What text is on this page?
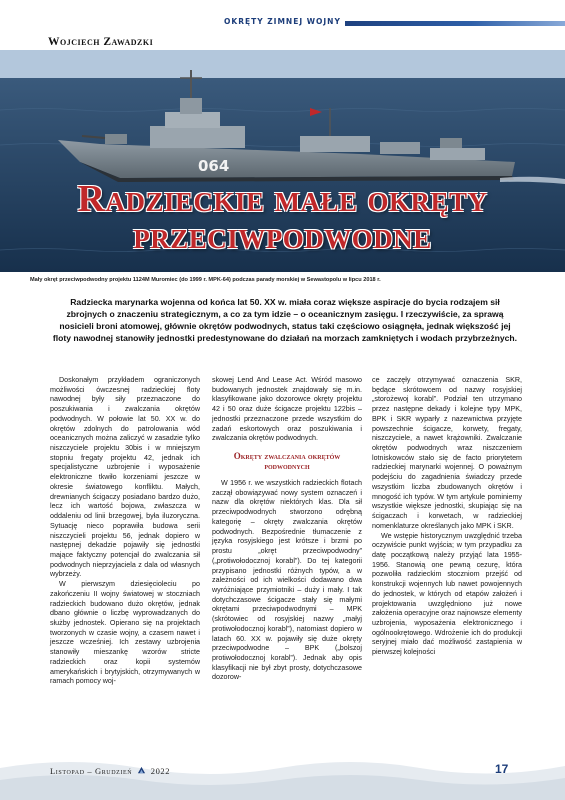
OKRĘTY ZIMNEJ WOJNY
Wojciech Zawadzki
064
Radzieckie małe okręty
przeciwpodwodne
Mały okręt przeciwpodwodny projektu 1124M Muromiec (do 1999 r. MPK-64) podczas parady morskiej w Sewastopolu w lipcu 2018 r.
Radziecka marynarka wojenna od końca lat 50. XX w. miała coraz większe aspiracje do bycia rodzajem sił zbrojnych o znaczeniu strategicznym, a co za tym idzie – o oceanicznym zasięgu. I rzeczywiście, za sprawą nosicieli broni atomowej, głównie okrętów podwodnych, status taki częściowo osiągnęła, jednak większość jej floty nawodnej stanowiły jednostki predestynowane do działań na morzach zamkniętych i wodach przybrzeżnych.

Doskonałym przykładem ograniczonych możliwości ówczesnej radzieckiej floty nawodnej były siły przeznaczone do poszukiwania i zwalczania okrętów podwodnych. W połowie lat 50. XX w. do okrętów zdolnych do patrolowania wód oceanicznych można zaliczyć w zasadzie tylko niszczyciele projektu 30bis i w mniejszym stopniu fregaty projektu 42, jednak ich specjalistyczne uzbrojenie i wyposażenie elektroniczne tkwiło korzeniami jeszcze w okresie światowego konfliktu. Małych, drewnianych ścigaczy posiadano bardzo dużo, lecz ich wartość bojowa, zwłaszcza w oddaleniu od linii brzegowej, była iluzoryczna. Sytuację nieco poprawiła budowa serii niszczycieli projektu 56, jednak dopiero w następnej dekadzie pojawiły się jednostki mające faktyczny potencjał do zwalczania sił podwodnych nieprzyjaciela z dala od własnych wybrzeży.

W pierwszym dziesięcioleciu po zakończeniu II wojny światowej w stoczniach radzieckich budowano dużo okrętów, jednak dbano głównie o liczbę wyprowadzanych do służby jednostek. Opierano się na projektach tworzonych w czasie wojny, a czasem nawet i jeszcze wcześniej. Ich zestawy uzbrojenia stanowiły mieszankę wzorów stricte radzieckich oraz kopii systemów amerykańskich i brytyjskich, otrzymywanych w ramach pomocy woj-

skowej Lend And Lease Act. Wśród masowo budowanych jednostek znajdowały się m.in. klasyfikowane jako dozorowce okręty projektu 42 i 50 oraz duże ścigacze projektu 122bis – jednostki przeznaczone przede wszystkim do zadań eskortowych oraz poszukiwania i zwalczania okrętów podwodnych.

Okręty zwalczania okrętów podwodnych

W 1956 r. we wszystkich radzieckich flotach zaczął obowiązywać nowy system oznaczeń i nazw dla okrętów niektórych klas. Dla sił przeciwpodwodnych stworzono odrębną kategorię – okręty zwalczania okrętów podwodnych. Bezpośrednie tłumaczenie z języka rosyjskiego jest krótsze i brzmi po prostu „okręt przeciwpodwodny” („protiwołodocznoj korabl”). Do tej kategorii przypisano jednostki różnych typów, a w zależności od ich wielkości dodawano dwa wyróżniające przymiotniki – duży i mały. I tak dotychczasowe ścigacze stały się małymi okrętami przeciwpodwodnymi – MPK (skrótowiec od rosyjskiej nazwy „małyj protiwołodocznoj korabl”), natomiast dopiero w latach 60. XX w. pojawiły się duże okręty przeciwpodwodne – BPK („bolszoj protiwołodocznoj korabl”). Jednak aby opis klasyfikacji nie był zbyt prosty, dotychczasowe dozorow-

ce zaczęły otrzymywać oznaczenia SKR, będące skrótowcem od nazwy rosyjskiej „storożewoj korabl”. Podział ten utrzymano przez następne dekady i kolejne typy MPK, BPK i SKR wyparły z nazewnictwa przyjęte powszechnie ścigacze, korwety, fregaty, niszczyciele, a nawet krążowniki. Zwalczanie okrętów podwodnych wraz niszczeniem lotniskowców stało się de facto priorytetem radzieckiej marynarki wojennej. O poważnym podejściu do zagadnienia świadczy przede wszystkim liczba zbudowanych okrętów i mnogość ich typów. W tym artykule pominiemy wszystkie większe jednostki, skupiając się na ścigaczach i korwetach, w radzieckiej nomenklaturze określanych jako MPK i SKR.

We wstępie historycznym uwzględnić trzeba oczywiście punkt wyjścia; w tym przypadku za datę początkową należy przyjąć lata 1955-1956. Stanowią one pewną cezurę, która pozwoliła radzieckim stoczniom przejść od konstrukcji wojennych lub nawet powojennych do jednostek, w których od etapów założeń i projektowania uwzględniono już nowe założenia operacyjne oraz najnowsze elementy uzbrojenia, wyposażenia elektronicznego i ogólnookrętowego. Wdrożenie ich do produkcji seryjnej miało dać możliwość zastąpienia w pierwszej kolejności

Listopad – Grudzień 2022	17
